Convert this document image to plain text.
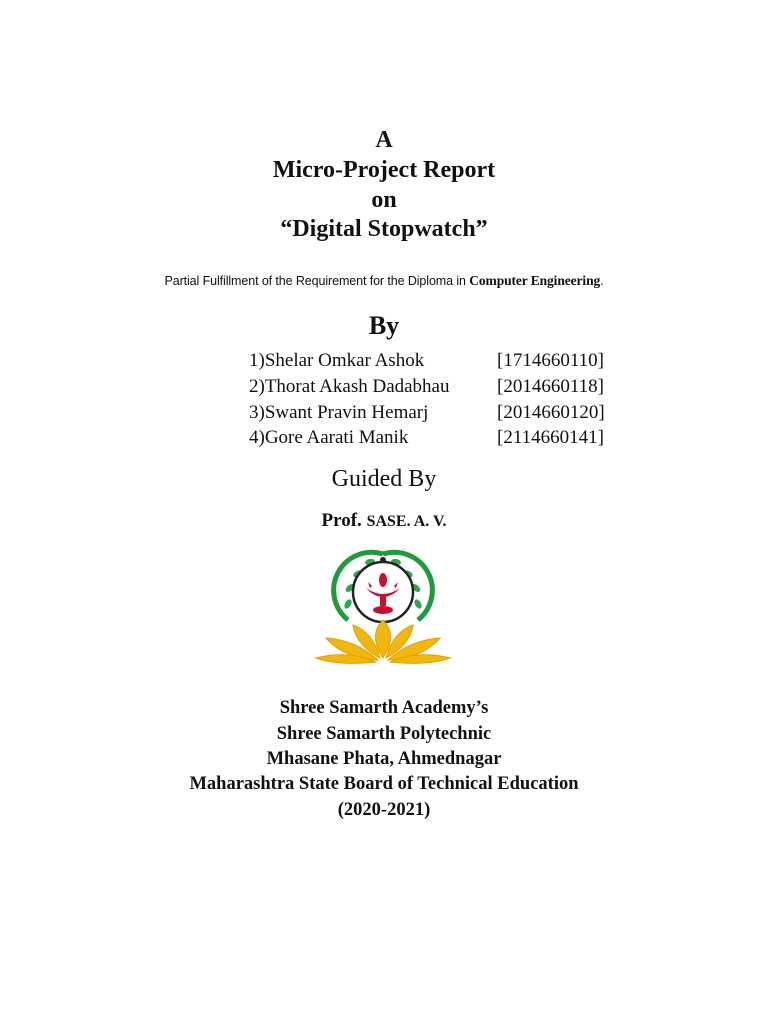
A
Micro-Project Report
on
“Digital Stopwatch”
Partial Fulfillment of the Requirement for the Diploma in Computer Engineering.
By
1)Shelar Omkar Ashok	[1714660110]
2)Thorat Akash Dadabhau	[2014660118]
3)Swant Pravin Hemarj	[2014660120]
4)Gore Aarati Manik	[2114660141]
Guided By
Prof. SASE. A. V.
Shree Samarth Academy’s
Shree Samarth Polytechnic
Mhasane Phata, Ahmednagar
Maharashtra State Board of Technical Education
(2020-2021)
